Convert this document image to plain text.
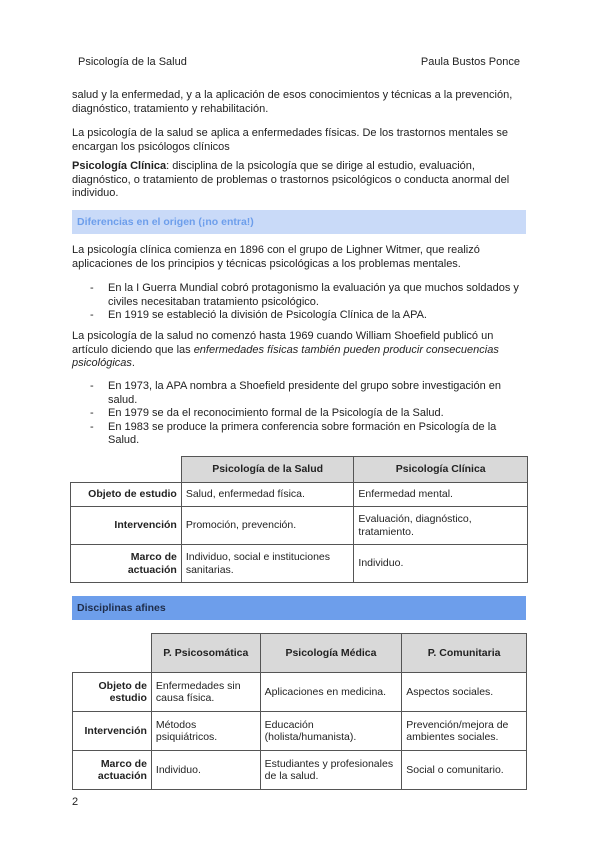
Psicología de la Salud	Paula Bustos Ponce

salud y la enfermedad, y a la aplicación de esos conocimientos y técnicas a la prevención, diagnóstico, tratamiento y rehabilitación.

La psicología de la salud se aplica a enfermedades físicas. De los trastornos mentales se encargan los psicólogos clínicos

Psicología Clínica: disciplina de la psicología que se dirige al estudio, evaluación, diagnóstico, o tratamiento de problemas o trastornos psicológicos o conducta anormal del individuo.

Diferencias en el origen (¡no entra!)

La psicología clínica comienza en 1896 con el grupo de Lighner Witmer, que realizó aplicaciones de los principios y técnicas psicológicas a los problemas mentales.

- En la I Guerra Mundial cobró protagonismo la evaluación ya que muchos soldados y civiles necesitaban tratamiento psicológico.
- En 1919 se estableció la división de Psicología Clínica de la APA.

La psicología de la salud no comenzó hasta 1969 cuando William Shoefield publicó un artículo diciendo que las enfermedades físicas también pueden producir consecuencias psicológicas.

- En 1973, la APA nombra a Shoefield presidente del grupo sobre investigación en salud.
- En 1979 se da el reconocimiento formal de la Psicología de la Salud.
- En 1983 se produce la primera conferencia sobre formación en Psicología de la Salud.
	Psicología de la Salud	Psicología Clínica
Objeto de estudio	Salud, enfermedad física.	Enfermedad mental.
Intervención	Promoción, prevención.	Evaluación, diagnóstico, tratamiento.
Marco de actuación	Individuo, social e instituciones sanitarias.	Individuo.
Disciplinas afines
	P. Psicosomática	Psicología Médica	P. Comunitaria
Objeto de estudio	Enfermedades sin causa física.	Aplicaciones en medicina.	Aspectos sociales.
Intervención	Métodos psiquiátricos.	Educación (holista/humanista).	Prevención/mejora de ambientes sociales.
Marco de actuación	Individuo.	Estudiantes y profesionales de la salud.	Social o comunitario.
2
